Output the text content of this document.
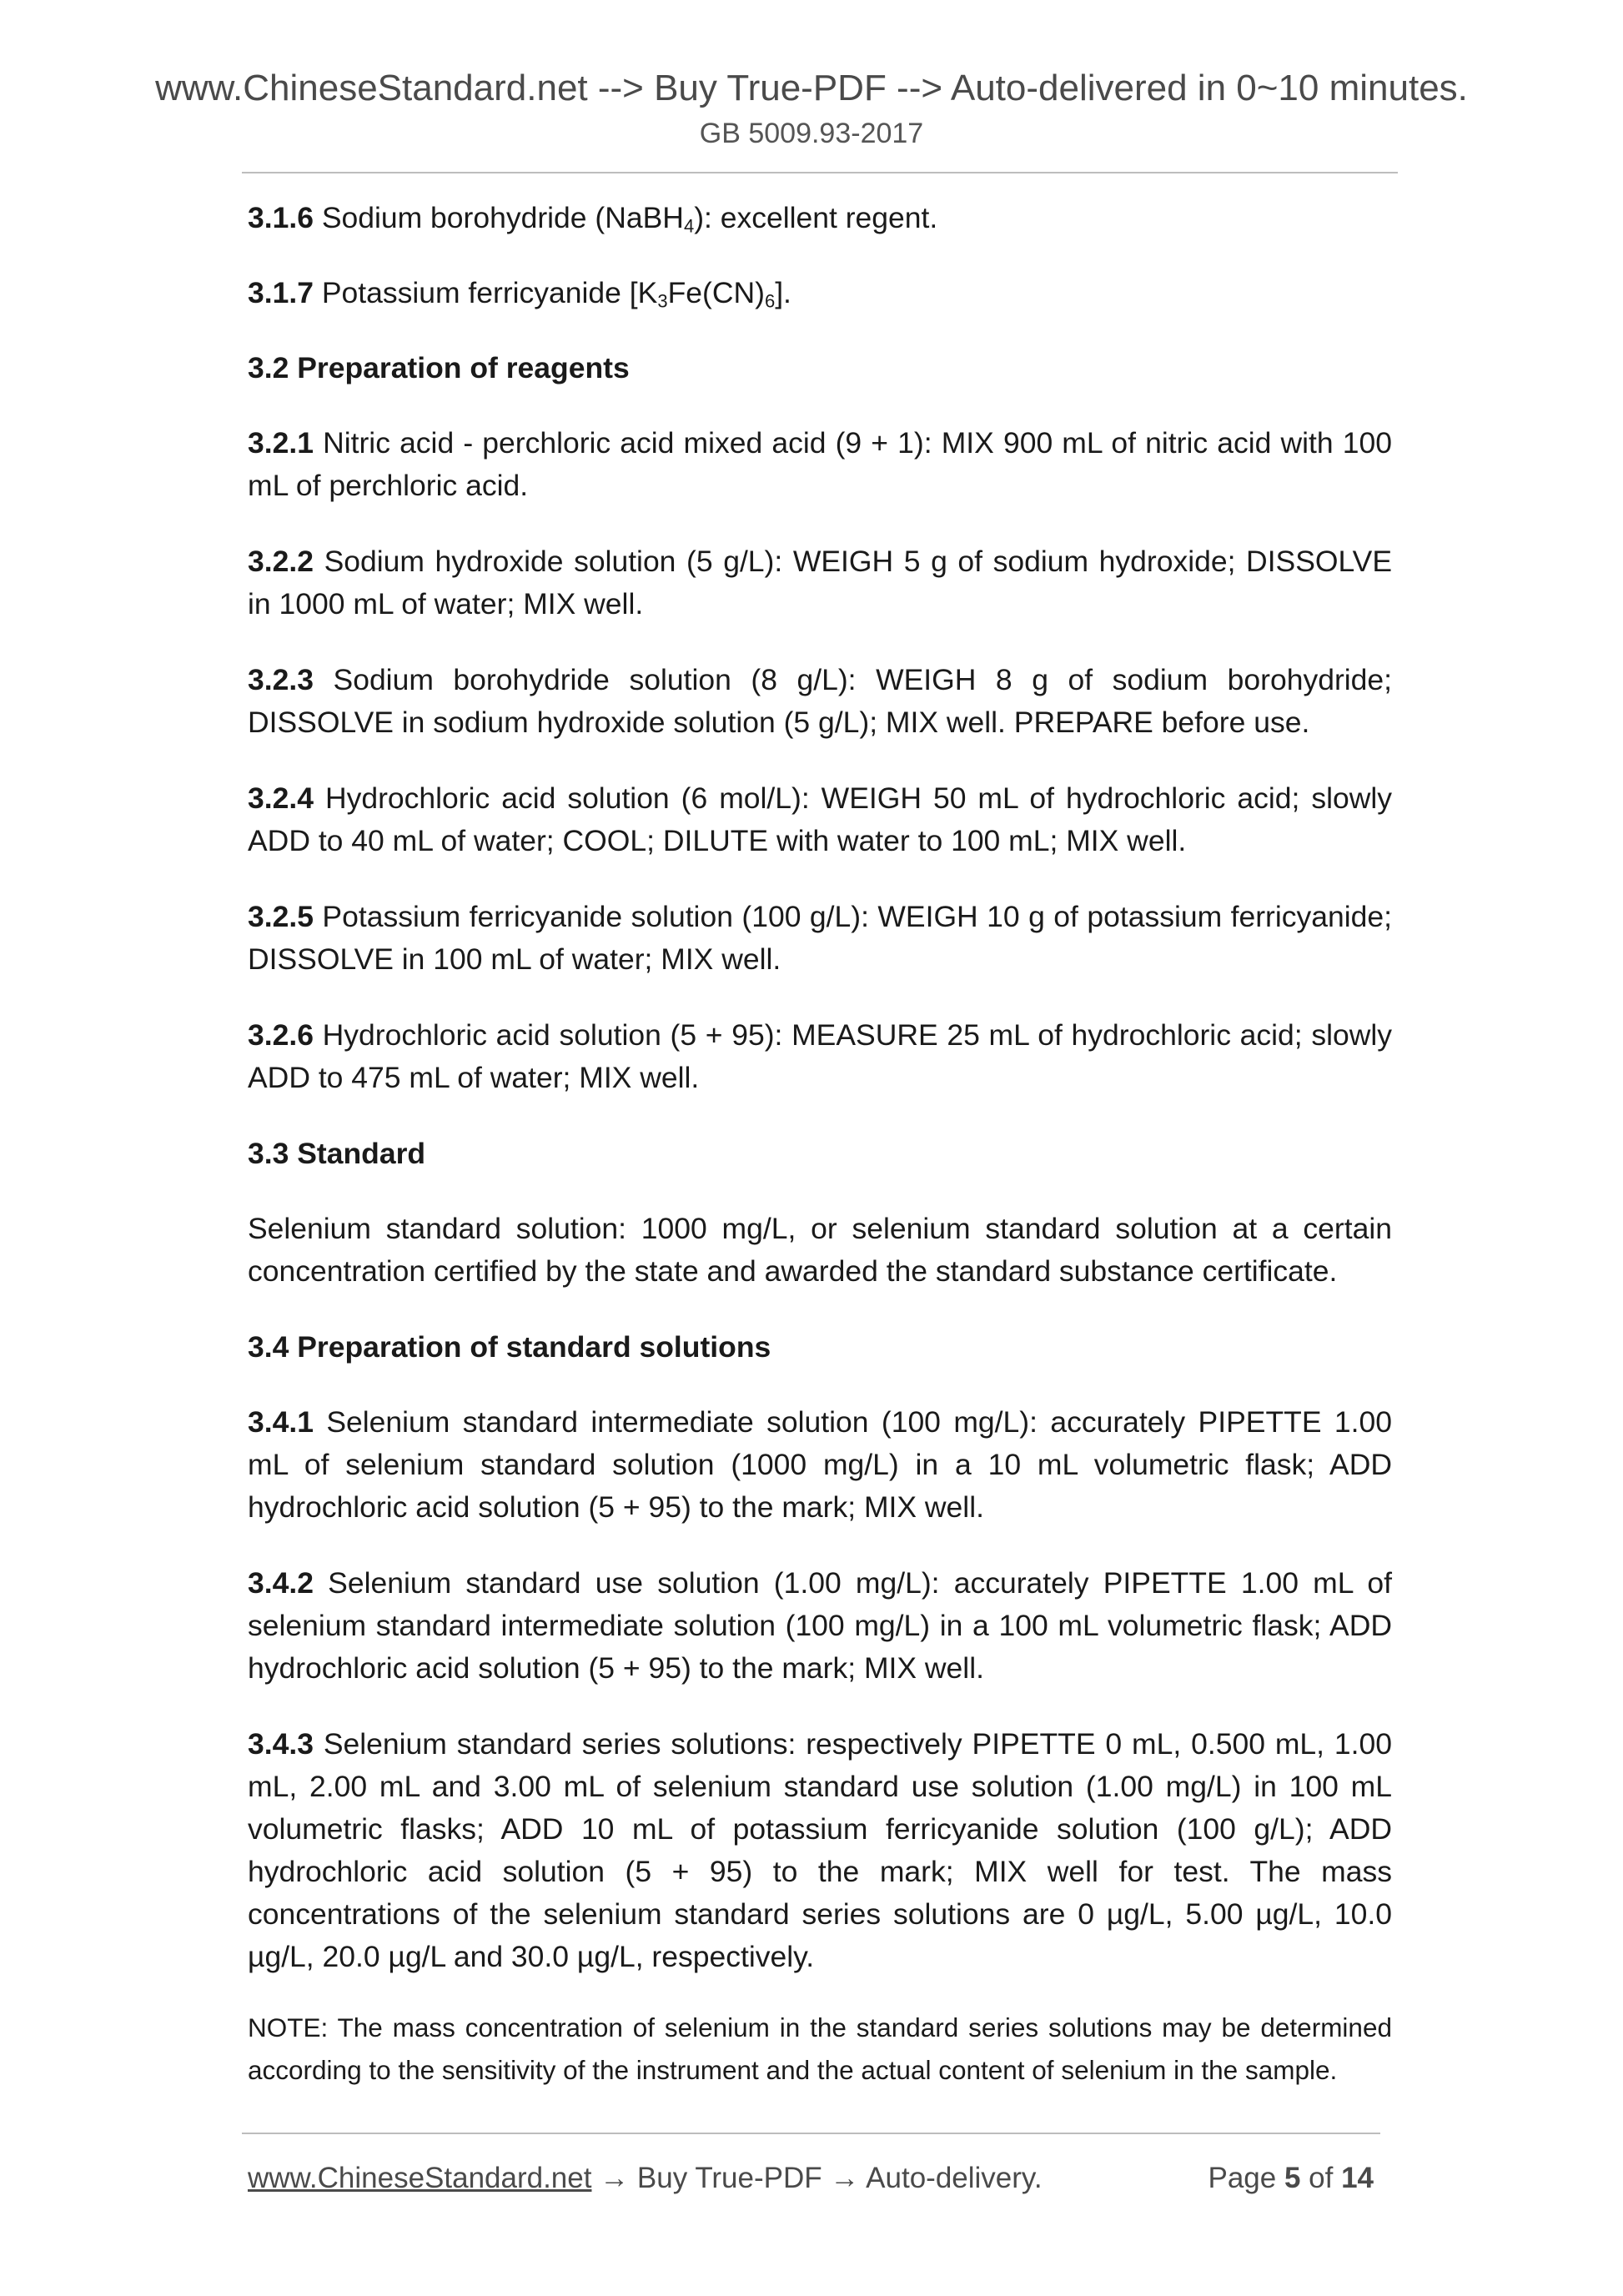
www.ChineseStandard.net --> Buy True-PDF --> Auto-delivered in 0~10 minutes.
GB 5009.93-2017

3.1.6 Sodium borohydride (NaBH$_4$): excellent regent.

3.1.7 Potassium ferricyanide $[K_3Fe(CN)_6]$.

3.2 Preparation of reagents

3.2.1 Nitric acid - perchloric acid mixed acid (9 + 1): MIX 900 mL of nitric acid with 100 mL of perchloric acid.

3.2.2 Sodium hydroxide solution (5 g/L): WEIGH 5 g of sodium hydroxide; DISSOLVE in 1000 mL of water; MIX well.

3.2.3 Sodium borohydride solution (8 g/L): WEIGH 8 g of sodium borohydride; DISSOLVE in sodium hydroxide solution (5 g/L); MIX well. PREPARE before use.

3.2.4 Hydrochloric acid solution (6 mol/L): WEIGH 50 mL of hydrochloric acid; slowly ADD to 40 mL of water; COOL; DILUTE with water to 100 mL; MIX well.

3.2.5 Potassium ferricyanide solution (100 g/L): WEIGH 10 g of potassium ferricyanide; DISSOLVE in 100 mL of water; MIX well.

3.2.6 Hydrochloric acid solution (5 + 95): MEASURE 25 mL of hydrochloric acid; slowly ADD to 475 mL of water; MIX well.

3.3 Standard

Selenium standard solution: 1000 mg/L, or selenium standard solution at a certain concentration certified by the state and awarded the standard substance certificate.

3.4 Preparation of standard solutions

3.4.1 Selenium standard intermediate solution (100 mg/L): accurately PIPETTE 1.00 mL of selenium standard solution (1000 mg/L) in a 10 mL volumetric flask; ADD hydrochloric acid solution (5 + 95) to the mark; MIX well.

3.4.2 Selenium standard use solution (1.00 mg/L): accurately PIPETTE 1.00 mL of selenium standard intermediate solution (100 mg/L) in a 100 mL volumetric flask; ADD hydrochloric acid solution (5 + 95) to the mark; MIX well.

3.4.3 Selenium standard series solutions: respectively PIPETTE 0 mL, 0.500 mL, 1.00 mL, 2.00 mL and 3.00 mL of selenium standard use solution (1.00 mg/L) in 100 mL volumetric flasks; ADD 10 mL of potassium ferricyanide solution (100 g/L); ADD hydrochloric acid solution (5 + 95) to the mark; MIX well for test. The mass concentrations of the selenium standard series solutions are 0 µg/L, 5.00 µg/L, 10.0 µg/L, 20.0 µg/L and 30.0 µg/L, respectively.

NOTE: The mass concentration of selenium in the standard series solutions may be determined according to the sensitivity of the instrument and the actual content of selenium in the sample.

www.ChineseStandard.net → Buy True-PDF → Auto-delivery.	Page 5 of 14
